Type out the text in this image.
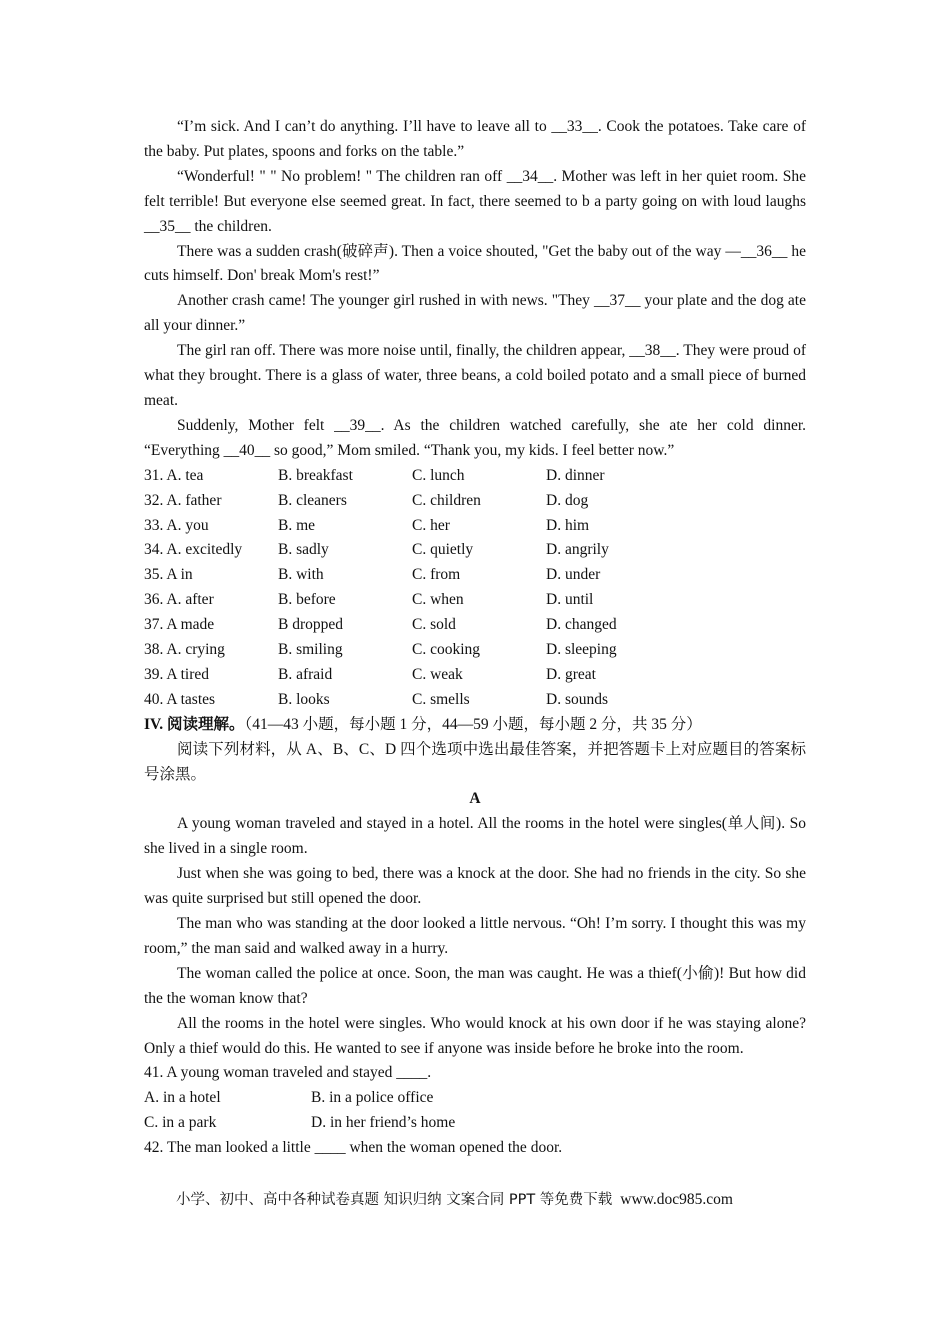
“I’m sick. And I can’t do anything. I’ll have to leave all to __33__. Cook the potatoes. Take care of the baby. Put plates, spoons and forks on the table.”

“Wonderful! " " No problem! " The children ran off __34__. Mother was left in her quiet room. She felt terrible! But everyone else seemed great. In fact, there seemed to b a party going on with loud laughs __35__ the children.

There was a sudden crash(破碎声). Then a voice shouted, "Get the baby out of the way —__36__ he cuts himself. Don' break Mom's rest!”

Another crash came! The younger girl rushed in with news. "They __37__ your plate and the dog ate all your dinner.”

The girl ran off. There was more noise until, finally, the children appear, __38__. They were proud of what they brought. There is a glass of water, three beans, a cold boiled potato and a small piece of burned meat.

Suddenly, Mother felt __39__. As the children watched carefully, she ate her cold dinner. “Everything __40__ so good,” Mom smiled. “Thank you, my kids. I feel better now.”

31. A. tea	B. breakfast	C. lunch	D. dinner
32. A. father	B. cleaners	C. children	D. dog
33. A. you	B. me	C. her	D. him
34. A. excitedly	B. sadly	C. quietly	D. angrily
35. A in	B. with	C. from	D. under
36. A. after	B. before	C. when	D. until
37. A made	B dropped	C. sold	D. changed
38. A. crying	B. smiling	C. cooking	D. sleeping
39. A tired	B. afraid	C. weak	D. great
40. A tastes	B. looks	C. smells	D. sounds

IV. 阅读理解。（41—43 小题，每小题 1 分，44—59 小题，每小题 2 分，共 35 分）

阅读下列材料，从 A、B、C、D 四个选项中选出最佳答案，并把答题卡上对应题目的答案标号涂黑。

A

A young woman traveled and stayed in a hotel. All the rooms in the hotel were singles(单人间). So she lived in a single room.

Just when she was going to bed, there was a knock at the door. She had no friends in the city. So she was quite surprised but still opened the door.

The man who was standing at the door looked a little nervous. “Oh! I’m sorry. I thought this was my room,” the man said and walked away in a hurry.

The woman called the police at once. Soon, the man was caught. He was a thief(小偷)! But how did the the woman know that?

All the rooms in the hotel were singles. Who would knock at his own door if he was staying alone? Only a thief would do this. He wanted to see if anyone was inside before he broke into the room.

41. A young woman traveled and stayed ____.

A. in a hotel	B. in a police office
C. in a park	D. in her friend’s home

42. The man looked a little ____ when the woman opened the door.

小学、初中、高中各种试卷真题 知识归纳 文案合同 PPT 等免费下载 www.doc985.com
